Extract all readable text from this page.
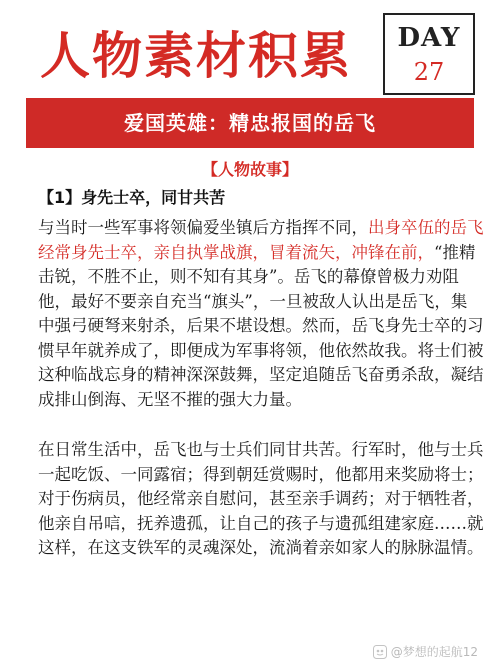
人物素材积累	DAY
27
爱国英雄：精忠报国的岳飞
【人物故事】
【1】身先士卒，同甘共苦
与当时一些军事将领偏爱坐镇后方指挥不同，出身卒伍的岳飞
经常身先士卒，亲自执掌战旗，冒着流矢，冲锋在前，“推精
击锐，不胜不止，则不知有其身”。岳飞的幕僚曾极力劝阻
他，最好不要亲自充当“旗头”，一旦被敌人认出是岳飞，集
中强弓硬弩来射杀，后果不堪设想。然而，岳飞身先士卒的习
惯早年就养成了，即便成为军事将领，他依然故我。将士们被
这种临战忘身的精神深深鼓舞，坚定追随岳飞奋勇杀敌，凝结
成排山倒海、无坚不摧的强大力量。
在日常生活中，岳飞也与士兵们同甘共苦。行军时，他与士兵
一起吃饭、一同露宿；得到朝廷赏赐时，他都用来奖励将士；
对于伤病员，他经常亲自慰问，甚至亲手调药；对于牺牲者，
他亲自吊唁，抚养遗孤，让自己的孩子与遗孤组建家庭……就
这样，在这支铁军的灵魂深处，流淌着亲如家人的脉脉温情。
@梦想的起航12
